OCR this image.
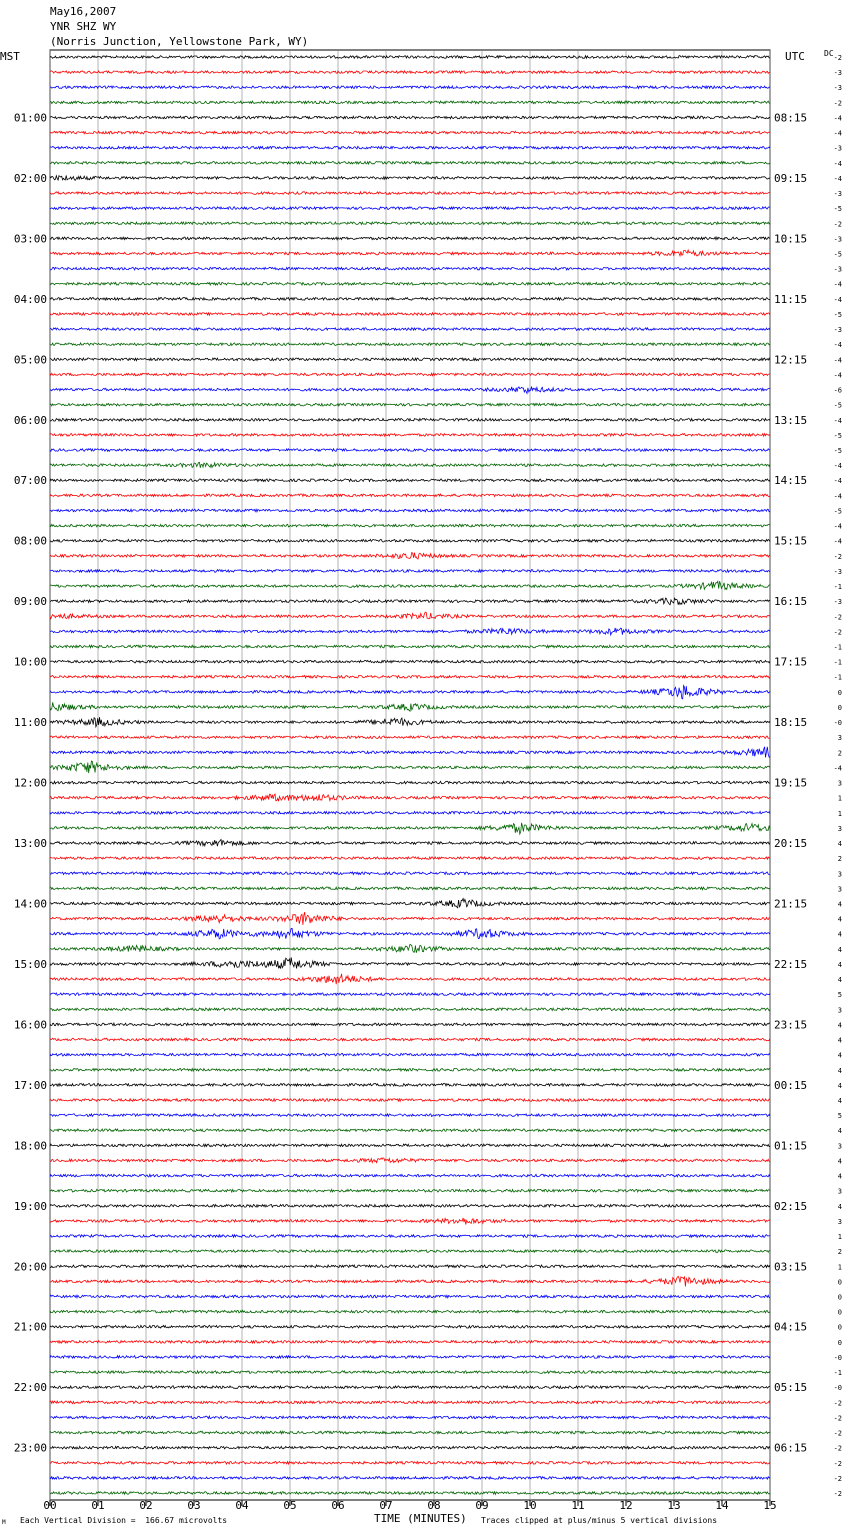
May16,2007
YNR SHZ WY
(Norris Junction, Yellowstone Park, WY)
MST	UTC DC
00	01	02	03	04	05	06	07	08	09	10	11	12	13	14	15
-2
-3
-3
-2
-4
-4
-3
-4
-4
-3
-5
-2
-3
-5
-3
-4
-4
-5
-3
-4
-4
-4
-6
-5
-4
-5
-5
-4
-4
-4
-5
-4
-4
-2
-3
-1
-3
-2
-2
-1
-1
-1
0
0
-0
3
2
-4
3
1
1
3
4
2
3
3
4
4
4
4
4
4
5
3
4
4
4
4
4
4
5
4
3
4
4
3
4
3
1
2
1
0
0
0
0
0
-0
-1
-0
-2
-2
-2
-2
-2
-2
-2
01:00	08:15
02:00	09:15
03:00	10:15
04:00	11:15
05:00	12:15
06:00	13:15
07:00	14:15
08:00	15:15
09:00	16:15
10:00	17:15
11:00	18:15
12:00	19:15
13:00	20:15
14:00	21:15
15:00	22:15
16:00	23:15
17:00	00:15
18:00	01:15
19:00	02:15
20:00	03:15
21:00	04:15
22:00	05:15
23:00	06:15
TIME (MINUTES)
Each Vertical Division =  166.67 microvolts	Traces clipped at plus/minus 5 vertical divisions
M
